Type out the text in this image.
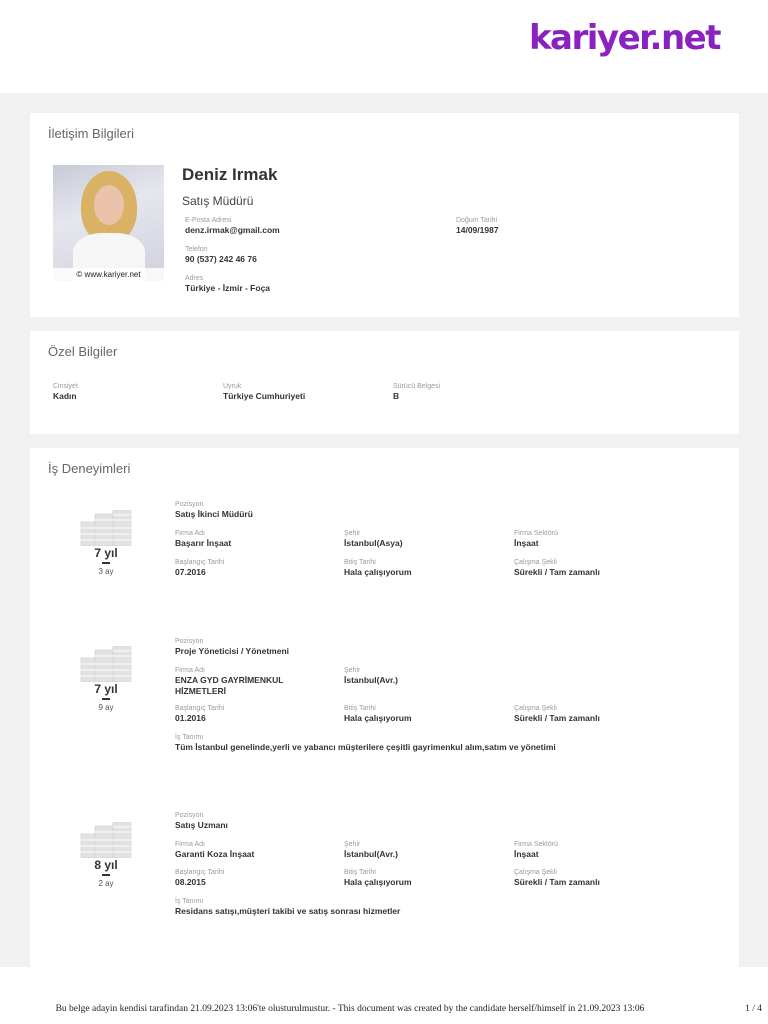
kariyer.net
İletişim Bilgileri
© www.kariyer.net
Deniz Irmak
Satış Müdürü
E-Posta Adresi
denz.irmak@gmail.com
Doğum Tarihi
14/09/1987
Telefon
90 (537) 242 46 76
Adres
Türkiye - İzmir - Foça
Özel Bilgiler
Cinsiyet
Kadın
Uyruk
Türkiye Cumhuriyeti
Sürücü Belgesi
B
İş Deneyimleri
7 yıl
3 ay
Pozisyon
Satış İkinci Müdürü
Firma Adı
Başarır İnşaat
Şehir
İstanbul(Asya)
Firma Sektörü
İnşaat
Başlangıç Tarihi
07.2016
Bitiş Tarihi
Hala çalışıyorum
Çalışma Şekli
Sürekli / Tam zamanlı
7 yıl
9 ay
Pozisyon
Proje Yöneticisi / Yönetmeni
Firma Adı
ENZA GYD GAYRİMENKUL
HİZMETLERİ
Şehir
İstanbul(Avr.)
Başlangıç Tarihi
01.2016
Bitiş Tarihi
Hala çalışıyorum
Çalışma Şekli
Sürekli / Tam zamanlı
İş Tanımı
Tüm İstanbul genelinde,yerli ve yabancı müşterilere çeşitli gayrimenkul alım,satım ve yönetimi
8 yıl
2 ay
Pozisyon
Satış Uzmanı
Firma Adı
Garanti Koza İnşaat
Şehir
İstanbul(Avr.)
Firma Sektörü
İnşaat
Başlangıç Tarihi
08.2015
Bitiş Tarihi
Hala çalışıyorum
Çalışma Şekli
Sürekli / Tam zamanlı
İş Tanımı
Residans satışı,müşteri takibi ve satış sonrası hizmetler
Bu belge adayin kendisi tarafindan 21.09.2023 13:06'te olusturulmustur. - This document was created by the candidate herself/himself in 21.09.2023 13:06	1 / 4
